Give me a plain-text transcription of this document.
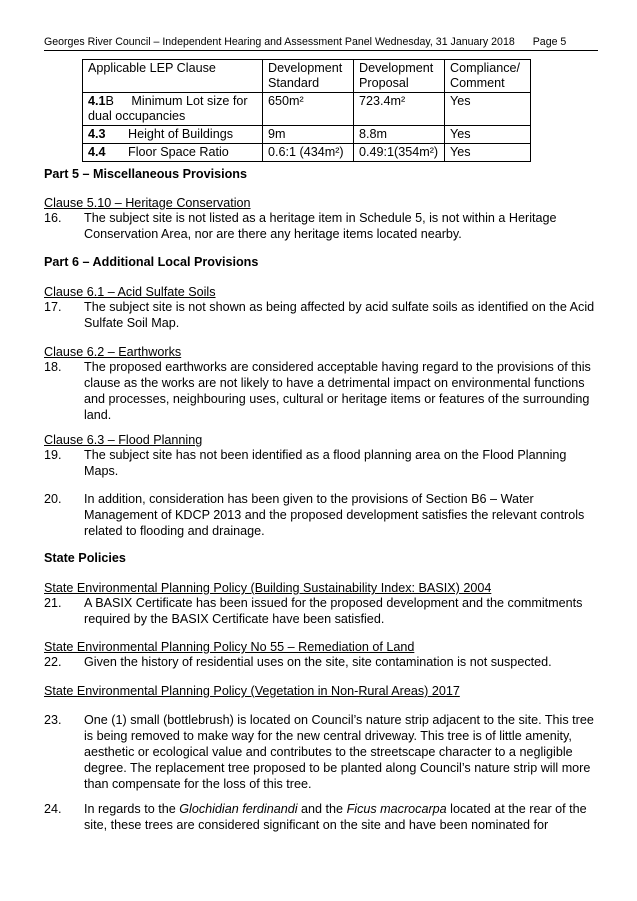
Georges River Council – Independent Hearing and Assessment Panel Wednesday, 31 January 2018 Page 5
Applicable LEP Clause	Development Standard	Development Proposal	Compliance/ Comment
4.1B Minimum Lot size for
dual occupancies	650m²	723.4m²	Yes
4.3 Height of Buildings	9m	8.8m	Yes
4.4 Floor Space Ratio	0.6:1 (434m²)	0.49:1(354m²)	Yes
Part 5 – Miscellaneous Provisions
Clause 5.10 – Heritage Conservation
16.	The subject site is not listed as a heritage item in Schedule 5, is not within a Heritage Conservation Area, nor are there any heritage items located nearby.
Part 6 – Additional Local Provisions
Clause 6.1 – Acid Sulfate Soils
17.	The subject site is not shown as being affected by acid sulfate soils as identified on the Acid Sulfate Soil Map.
Clause 6.2 – Earthworks
18.	The proposed earthworks are considered acceptable having regard to the provisions of this clause as the works are not likely to have a detrimental impact on environmental functions and processes, neighbouring uses, cultural or heritage items or features of the surrounding land.
Clause 6.3 – Flood Planning
19.	The subject site has not been identified as a flood planning area on the Flood Planning Maps.
20.	In addition, consideration has been given to the provisions of Section B6 – Water Management of KDCP 2013 and the proposed development satisfies the relevant controls related to flooding and drainage.
State Policies
State Environmental Planning Policy (Building Sustainability Index: BASIX) 2004
21.	A BASIX Certificate has been issued for the proposed development and the commitments required by the BASIX Certificate have been satisfied.
State Environmental Planning Policy No 55 – Remediation of Land
22.	Given the history of residential uses on the site, site contamination is not suspected.
State Environmental Planning Policy (Vegetation in Non-Rural Areas) 2017
23.	One (1) small (bottlebrush) is located on Council’s nature strip adjacent to the site. This tree is being removed to make way for the new central driveway. This tree is of little amenity, aesthetic or ecological value and contributes to the streetscape character to a negligible degree. The replacement tree proposed to be planted along Council’s nature strip will more than compensate for the loss of this tree.
24.	In regards to the Glochidian ferdinandi and the Ficus macrocarpa located at the rear of the site, these trees are considered significant on the site and have been nominated for
